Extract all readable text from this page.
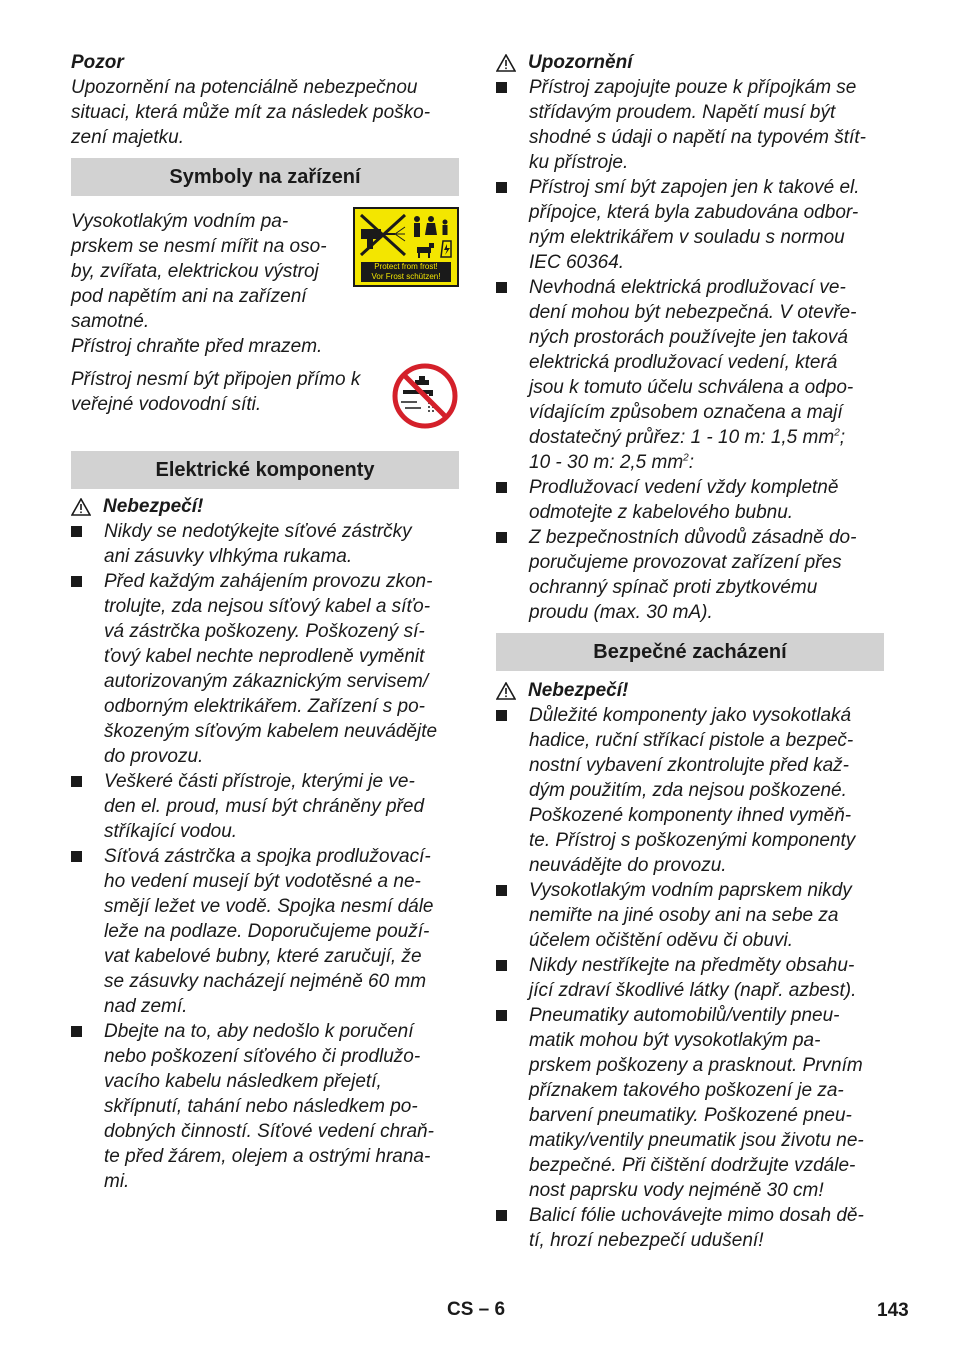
Pozor
Upozornění na potenciálně nebezpečnou
situaci, která může mít za následek poško-
zení majetku.
Symboly na zařízení
Protect from frost!
Vor Frost schützen!
Vysokotlakým vodním pa-
prskem se nesmí mířit na oso-
by, zvířata, elektrickou výstroj
pod napětím ani na zařízení
samotné.
Přístroj chraňte před mrazem.
Přístroj nesmí být připojen přímo k
veřejné vodovodní síti.
Elektrické komponenty
Nebezpečí!
Nikdy se nedotýkejte síťové zástrčky
ani zásuvky vlhkýma rukama.
Před každým zahájením provozu zkon-
trolujte, zda nejsou síťový kabel a síťo-
vá zástrčka poškozeny. Poškozený sí-
ťový kabel nechte neprodleně vyměnit
autorizovaným zákaznickým servisem/
odborným elektrikářem. Zařízení s po-
škozeným síťovým kabelem neuvádějte
do provozu.
Veškeré části přístroje, kterými je ve-
den el. proud, musí být chráněny před
stříkající vodou.
Síťová zástrčka a spojka prodlužovací-
ho vedení musejí být vodotěsné a ne-
smějí ležet ve vodě. Spojka nesmí dále
leže na podlaze. Doporučujeme použí-
vat kabelové bubny, které zaručují, že
se zásuvky nacházejí nejméně 60 mm
nad zemí.
Dbejte na to, aby nedošlo k poručení
nebo poškození síťového či prodlužo-
vacího kabelu následkem přejetí,
skřípnutí, tahání nebo následkem po-
dobných činností. Síťové vedení chraň-
te před žárem, olejem a ostrými hrana-
mi.
Upozornění
Přístroj zapojujte pouze k přípojkám se
střídavým proudem. Napětí musí být
shodné s údaji o napětí na typovém štít-
ku přístroje.
Přístroj smí být zapojen jen k takové el.
přípojce, která byla zabudována odbor-
ným elektrikářem v souladu s normou
IEC 60364.
Nevhodná elektrická prodlužovací ve-
dení mohou být nebezpečná. V otevře-
ných prostorách používejte jen taková
elektrická prodlužovací vedení, která
jsou k tomuto účelu schválena a odpo-
vídajícím způsobem označena a mají
dostatečný průřez: 1 - 10 m: 1,5 $mm^2$;
10 - 30 m: 2,5 $mm^2$:
Prodlužovací vedení vždy kompletně
odmotejte z kabelového bubnu.
Z bezpečnostních důvodů zásadně do-
poručujeme provozovat zařízení přes
ochranný spínač proti zbytkovému
proudu (max. 30 mA).
Bezpečné zacházení
Nebezpečí!
Důležité komponenty jako vysokotlaká
hadice, ruční stříkací pistole a bezpeč-
nostní vybavení zkontrolujte před kaž-
dým použitím, zda nejsou poškozené.
Poškozené komponenty ihned vyměň-
te. Přístroj s poškozenými komponenty
neuvádějte do provozu.
Vysokotlakým vodním paprskem nikdy
nemiřte na jiné osoby ani na sebe za
účelem očištění oděvu či obuvi.
Nikdy nestříkejte na předměty obsahu-
jící zdraví škodlivé látky (např. azbest).
Pneumatiky automobilů/ventily pneu-
matik mohou být vysokotlakým pa-
prskem poškozeny a prasknout. Prvním
příznakem takového poškození je za-
barvení pneumatiky. Poškozené pneu-
matiky/ventily pneumatik jsou životu ne-
bezpečné. Při čištění dodržujte vzdále-
nost paprsku vody nejméně 30 cm!
Balicí fólie uchovávejte mimo dosah dě-
tí, hrozí nebezpečí udušení!
CS – 6	143
